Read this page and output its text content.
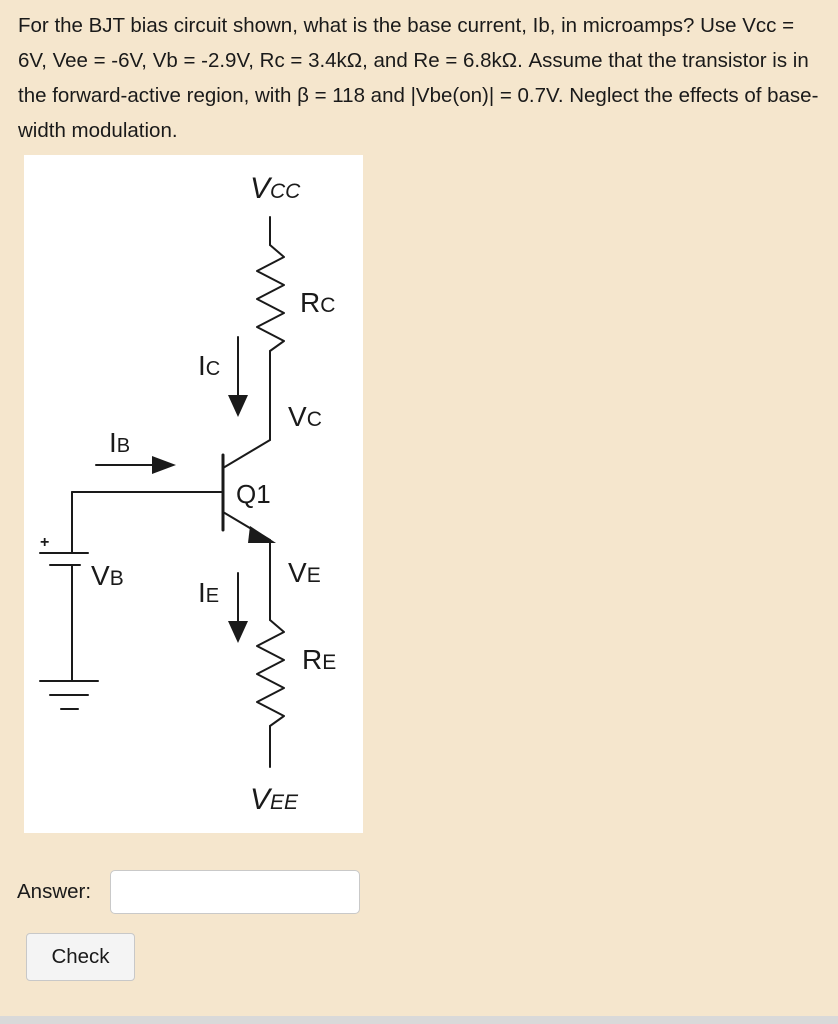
For the BJT bias circuit shown, what is the base current, Ib, in microamps? Use Vcc = 6V, Vee = -6V, Vb = -2.9V, Rc = 3.4kΩ, and Re = 6.8kΩ. Assume that the transistor is in the forward-active region, with β = 118 and |Vbe(on)| = 0.7V. Neglect the effects of base-width modulation.

VCC
RC
IC
VC
IB
Q1
+
VB	IE
VE
RE
VEE
Answer:
Check
